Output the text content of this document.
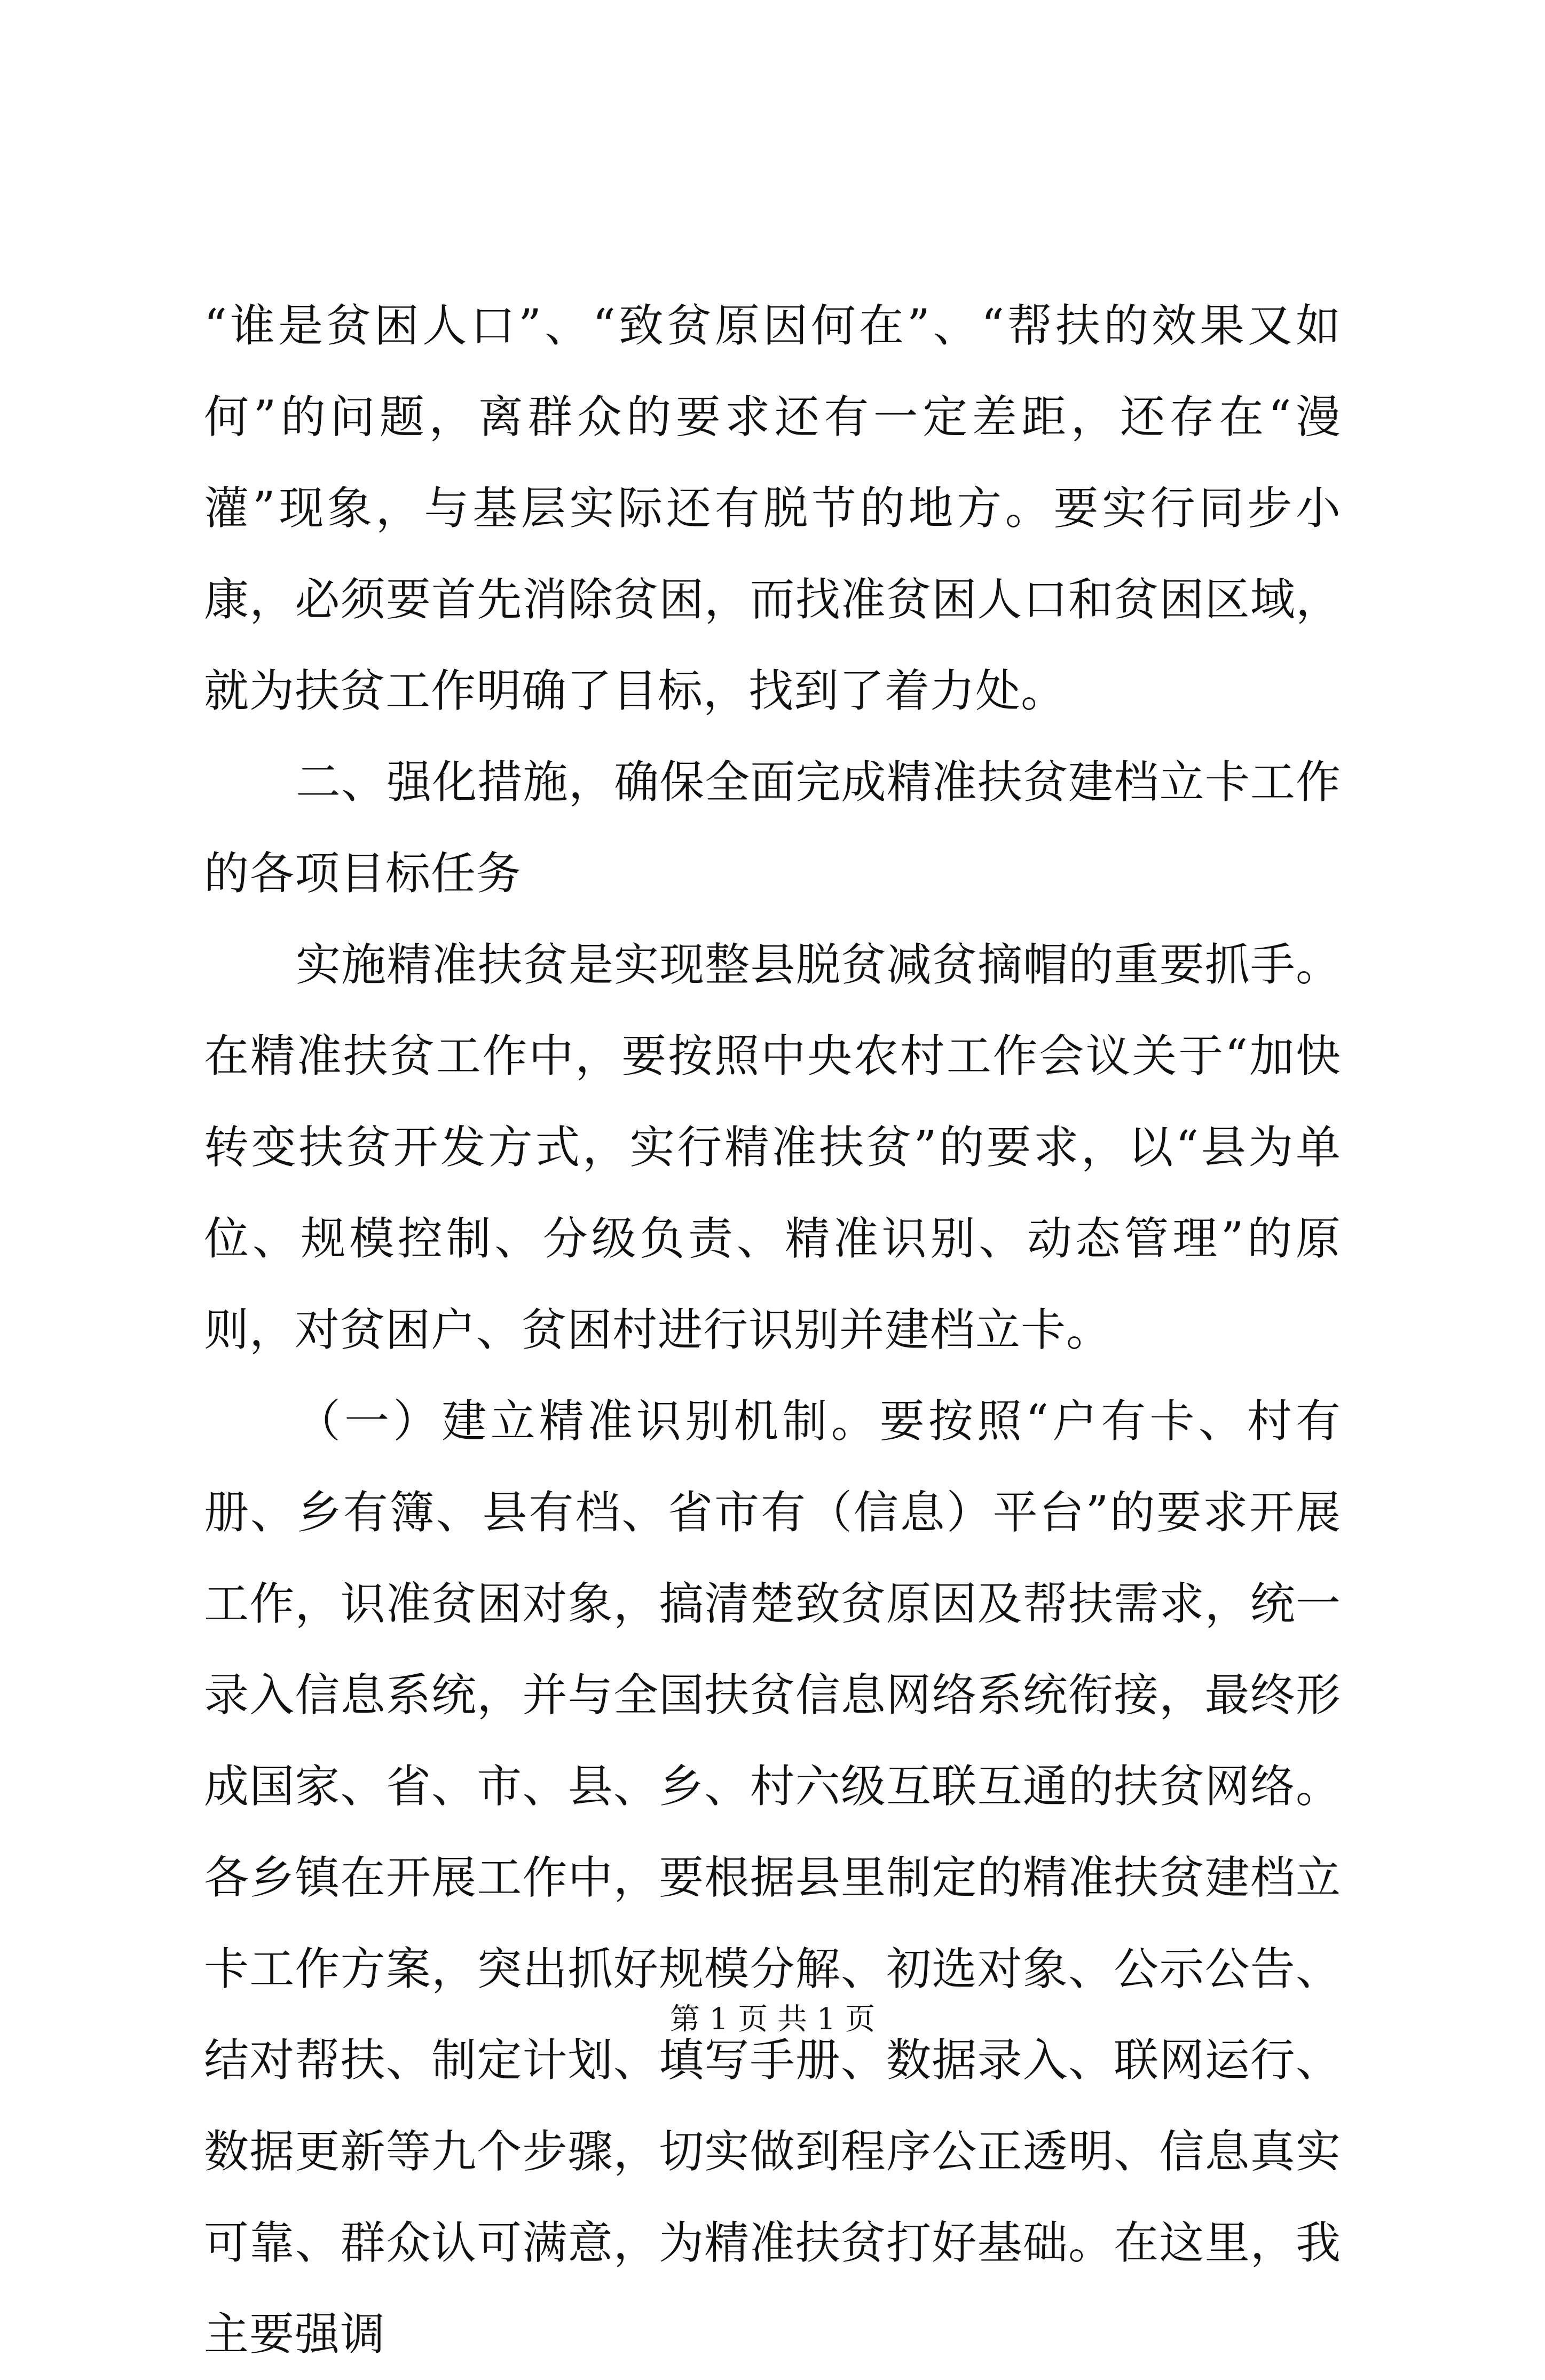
“谁是贫困人口”、“致贫原因何在”、“帮扶的效果又如何”的问题，离群众的要求还有一定差距，还存在“漫灌”现象，与基层实际还有脱节的地方。要实行同步小康，必须要首先消除贫困，而找准贫困人口和贫困区域，就为扶贫工作明确了目标，找到了着力处。

二、强化措施，确保全面完成精准扶贫建档立卡工作的各项目标任务

实施精准扶贫是实现整县脱贫减贫摘帽的重要抓手。在精准扶贫工作中，要按照中央农村工作会议关于“加快转变扶贫开发方式，实行精准扶贫”的要求，以“县为单位、规模控制、分级负责、精准识别、动态管理”的原则，对贫困户、贫困村进行识别并建档立卡。

（一）建立精准识别机制。要按照“户有卡、村有册、乡有簿、县有档、省市有（信息）平台”的要求开展工作，识准贫困对象，搞清楚致贫原因及帮扶需求，统一录入信息系统，并与全国扶贫信息网络系统衔接，最终形成国家、省、市、县、乡、村六级互联互通的扶贫网络。各乡镇在开展工作中，要根据县里制定的精准扶贫建档立卡工作方案，突出抓好规模分解、初选对象、公示公告、结对帮扶、制定计划、填写手册、数据录入、联网运行、数据更新等九个步骤，切实做到程序公正透明、信息真实可靠、群众认可满意，为精准扶贫打好基础。在这里，我主要强调

第 1 页 共 1 页
